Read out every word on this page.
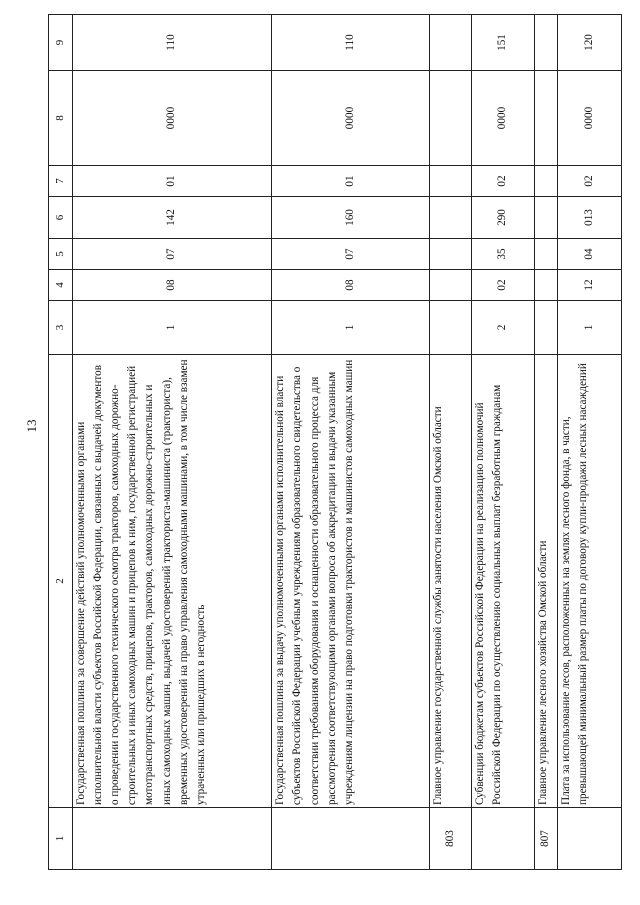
13
1	2	3	4	5	6	7	8	9
	Государственная пошлина за совершение действий уполномоченными органами исполнительной власти субъектов Российской Федерации, связанных с выдачей документов о проведении государственного технического осмотра тракторов, самоходных дорожно-строительных и иных самоходных машин и прицепов к ним, государственной регистрацией мототранспортных средств, прицепов, тракторов, самоходных дорожно-строительных и иных самоходных машин, выдачей удостоверений тракториста-машиниста (тракториста), временных удостоверений на право управления самоходными машинами, в том числе взамен утраченных или пришедших в негодность	1	08	07	142	01	0000	110
	Государственная пошлина за выдачу уполномоченными органами исполнительной власти субъектов Российской Федерации учебным учреждениям образовательного свидетельства о соответствии требованиям оборудования и оснащенности образовательного процесса для рассмотрения соответствующими органами вопроса об аккредитации и выдачи указанным учреждениям лицензии на право подготовки трактористов и машинистов самоходных машин	1	08	07	160	01	0000	110
803	Главное управление государственной службы занятости населения Омской области							
	Субвенции бюджетам субъектов Российской Федерации на реализацию полномочий Российской Федерации по осуществлению социальных выплат безработным гражданам	2	02	35	290	02	0000	151
807	Главное управление лесного хозяйства Омской области							
	Плата за использование лесов, расположенных на землях лесного фонда, в части, превышающей минимальный размер платы по договору купли-продажи лесных насаждений	1	12	04	013	02	0000	120
